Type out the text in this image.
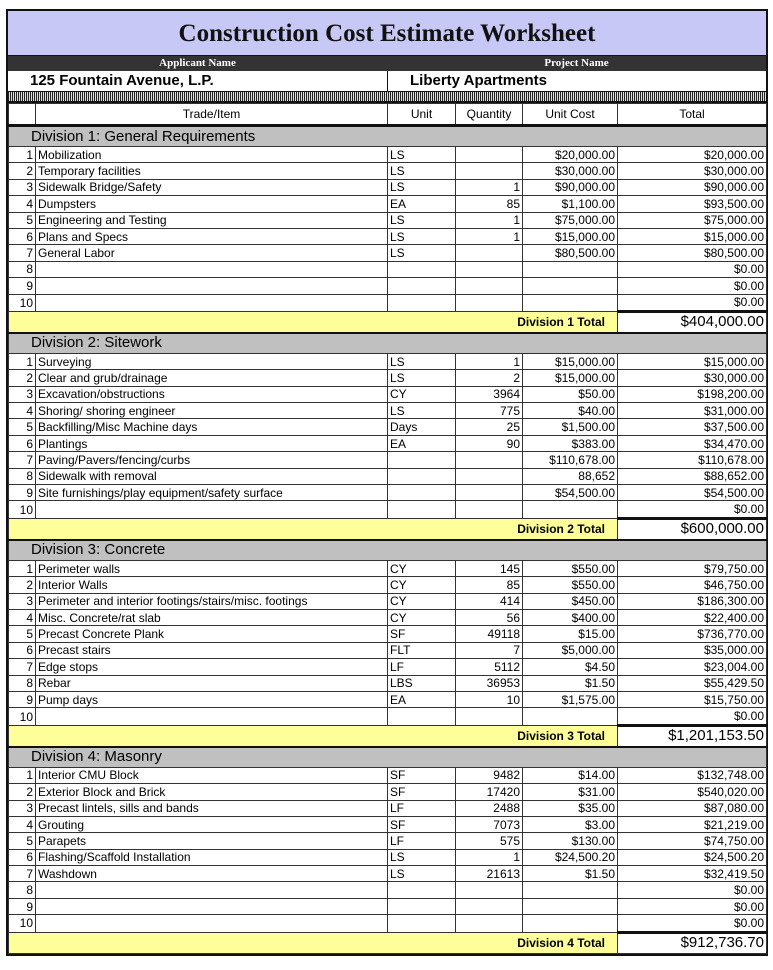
Construction Cost Estimate Worksheet
Applicant Name	Project Name
125 Fountain Avenue, L.P.	Liberty Apartments
	Trade/Item	Unit	Quantity	Unit Cost	Total
Division 1: General Requirements					
1	Mobilization	LS		$20,000.00	$20,000.00
2	Temporary facilities	LS		$30,000.00	$30,000.00
3	Sidewalk Bridge/Safety	LS	1	$90,000.00	$90,000.00
4	Dumpsters	EA	85	$1,100.00	$93,500.00
5	Engineering and Testing	LS	1	$75,000.00	$75,000.00
6	Plans and Specs	LS	1	$15,000.00	$15,000.00
7	General Labor	LS		$80,500.00	$80,500.00
8					$0.00
9					$0.00
10					$0.00
Division 1 Total					$404,000.00
Division 2: Sitework					
1	Surveying	LS	1	$15,000.00	$15,000.00
2	Clear and grub/drainage	LS	2	$15,000.00	$30,000.00
3	Excavation/obstructions	CY	3964	$50.00	$198,200.00
4	Shoring/ shoring engineer	LS	775	$40.00	$31,000.00
5	Backfilling/Misc Machine days	Days	25	$1,500.00	$37,500.00
6	Plantings	EA	90	$383.00	$34,470.00
7	Paving/Pavers/fencing/curbs			$110,678.00	$110,678.00
8	Sidewalk with removal			88,652	$88,652.00
9	Site furnishings/play equipment/safety surface			$54,500.00	$54,500.00
10					$0.00
Division 2 Total					$600,000.00
Division 3: Concrete					
1	Perimeter walls	CY	145	$550.00	$79,750.00
2	Interior Walls	CY	85	$550.00	$46,750.00
3	Perimeter and interior footings/stairs/misc. footings	CY	414	$450.00	$186,300.00
4	Misc. Concrete/rat slab	CY	56	$400.00	$22,400.00
5	Precast Concrete Plank	SF	49118	$15.00	$736,770.00
6	Precast stairs	FLT	7	$5,000.00	$35,000.00
7	Edge stops	LF	5112	$4.50	$23,004.00
8	Rebar	LBS	36953	$1.50	$55,429.50
9	Pump days	EA	10	$1,575.00	$15,750.00
10					$0.00
Division 3 Total					$1,201,153.50
Division 4: Masonry					
1	Interior CMU Block	SF	9482	$14.00	$132,748.00
2	Exterior Block and Brick	SF	17420	$31.00	$540,020.00
3	Precast lintels, sills and bands	LF	2488	$35.00	$87,080.00
4	Grouting	SF	7073	$3.00	$21,219.00
5	Parapets	LF	575	$130.00	$74,750.00
6	Flashing/Scaffold Installation	LS	1	$24,500.20	$24,500.20
7	Washdown	LS	21613	$1.50	$32,419.50
8					$0.00
9					$0.00
10					$0.00
Division 4 Total					$912,736.70
